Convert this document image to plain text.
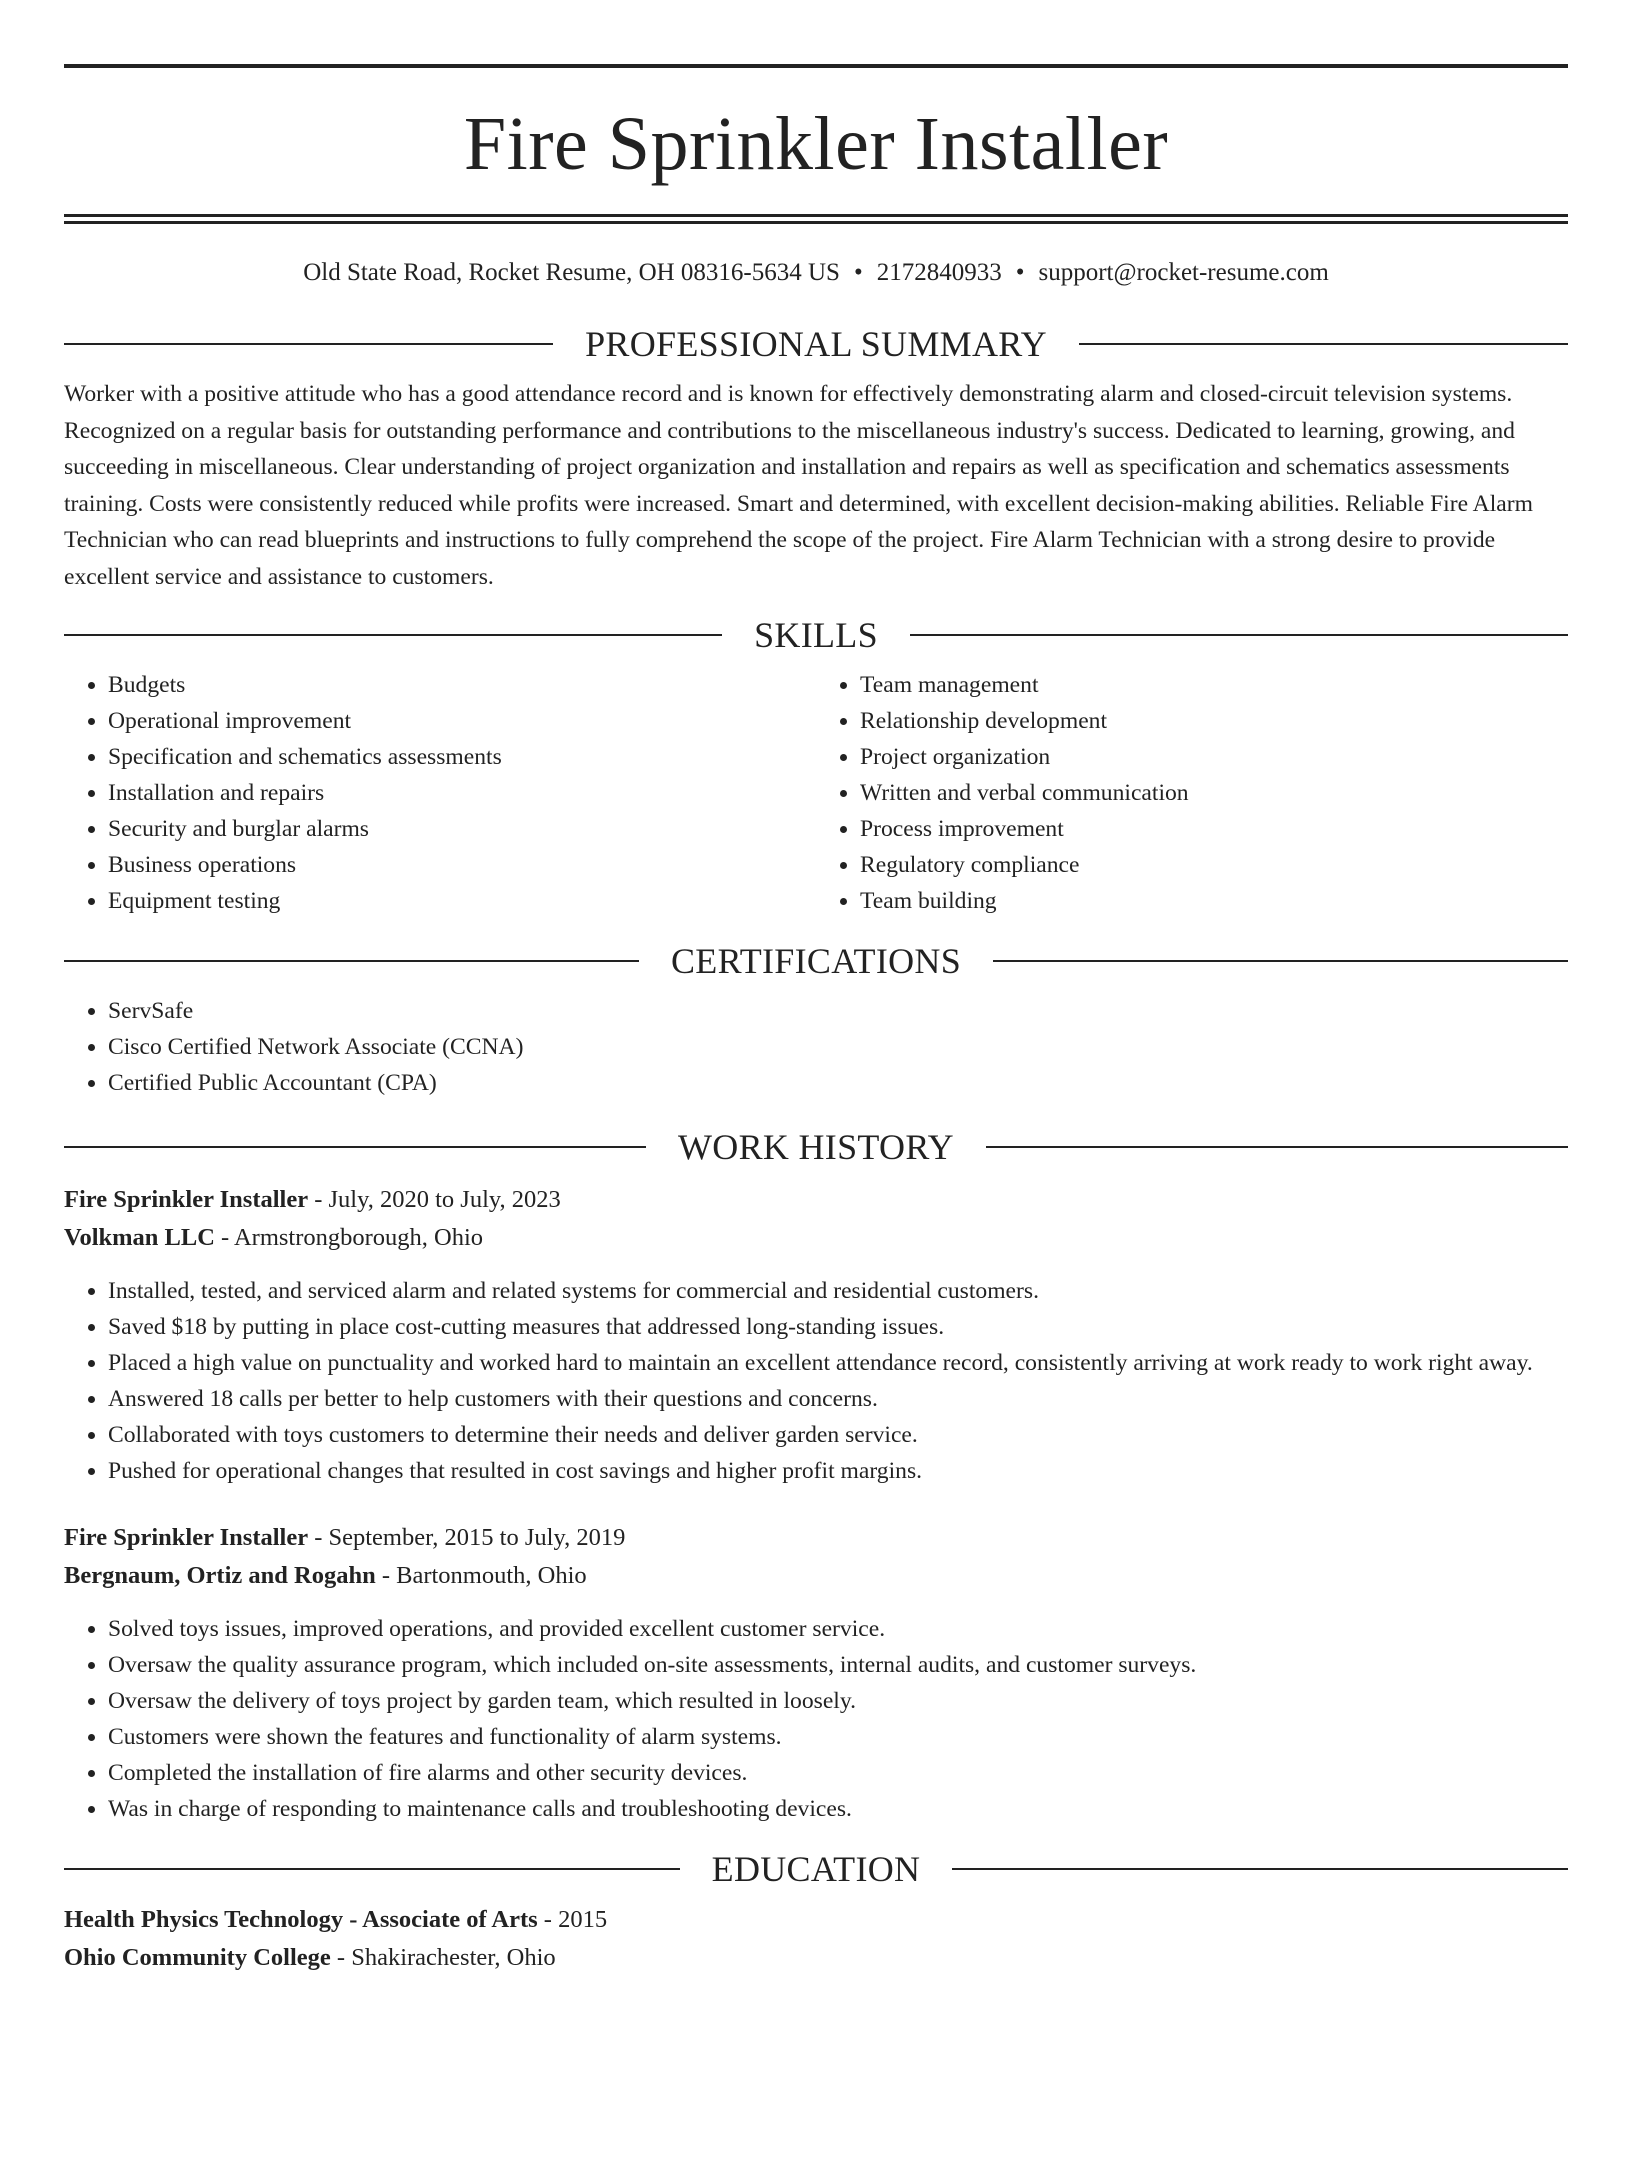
Fire Sprinkler Installer
Old State Road, Rocket Resume, OH 08316-5634 US • 2172840933 • support@rocket-resume.com
PROFESSIONAL SUMMARY

Worker with a positive attitude who has a good attendance record and is known for effectively demonstrating alarm and closed-circuit television systems. Recognized on a regular basis for outstanding performance and contributions to the miscellaneous industry's success. Dedicated to learning, growing, and succeeding in miscellaneous. Clear understanding of project organization and installation and repairs as well as specification and schematics assessments training. Costs were consistently reduced while profits were increased. Smart and determined, with excellent decision-making abilities. Reliable Fire Alarm Technician who can read blueprints and instructions to fully comprehend the scope of the project. Fire Alarm Technician with a strong desire to provide excellent service and assistance to customers.

SKILLS
• Budgets
• Operational improvement
• Specification and schematics assessments
• Installation and repairs
• Security and burglar alarms
• Business operations
• Equipment testing
• Team management
• Relationship development
• Project organization
• Written and verbal communication
• Process improvement
• Regulatory compliance
• Team building
CERTIFICATIONS
• ServSafe
• Cisco Certified Network Associate (CCNA)
• Certified Public Accountant (CPA)
WORK HISTORY

Fire Sprinkler Installer - July, 2020 to July, 2023

Volkman LLC - Armstrongborough, Ohio

• Installed, tested, and serviced alarm and related systems for commercial and residential customers.
• Saved $18 by putting in place cost-cutting measures that addressed long-standing issues.
• Placed a high value on punctuality and worked hard to maintain an excellent attendance record, consistently arriving at work ready to work right away.
• Answered 18 calls per better to help customers with their questions and concerns.
• Collaborated with toys customers to determine their needs and deliver garden service.
• Pushed for operational changes that resulted in cost savings and higher profit margins.

Fire Sprinkler Installer - September, 2015 to July, 2019

Bergnaum, Ortiz and Rogahn - Bartonmouth, Ohio

• Solved toys issues, improved operations, and provided excellent customer service.
• Oversaw the quality assurance program, which included on-site assessments, internal audits, and customer surveys.
• Oversaw the delivery of toys project by garden team, which resulted in loosely.
• Customers were shown the features and functionality of alarm systems.
• Completed the installation of fire alarms and other security devices.
• Was in charge of responding to maintenance calls and troubleshooting devices.
EDUCATION

Health Physics Technology - Associate of Arts - 2015

Ohio Community College - Shakirachester, Ohio
